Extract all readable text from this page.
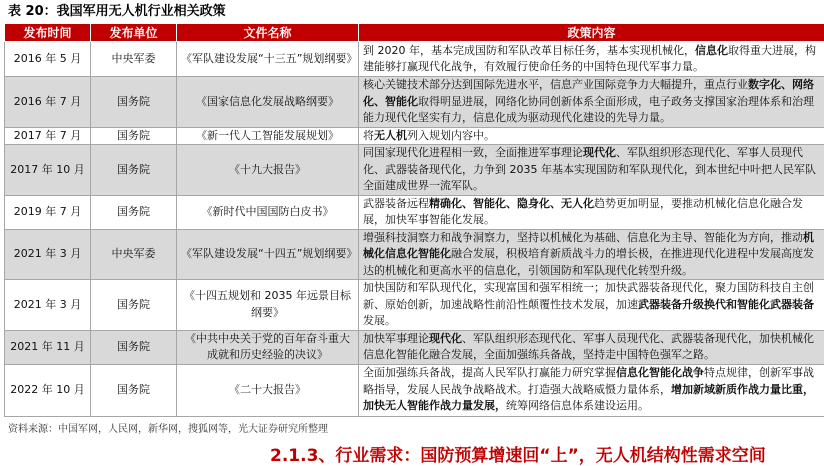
表 20：我国军用无人机行业相关政策
发布时间	发布单位	文件名称	政策内容
2016 年 5 月	中央军委	《军队建设发展“十三五”规划纲要》	到 2020 年，基本完成国防和军队改革目标任务，基本实现机械化，信息化取得重大进展，构建能够打赢现代化战争，有效履行使命任务的中国特色现代军事力量。
2016 年 7 月	国务院	《国家信息化发展战略纲要》	核心关键技术部分达到国际先进水平，信息产业国际竞争力大幅提升，重点行业数字化、网络化、智能化取得明显进展，网络化协同创新体系全面形成，电子政务支撑国家治理体系和治理能力现代化坚实有力，信息化成为驱动现代化建设的先导力量。
2017 年 7 月	国务院	《新一代人工智能发展规划》	将无人机列入规划内容中。
2017 年 10 月	国务院	《十九大报告》	同国家现代化进程相一致，全面推进军事理论现代化、军队组织形态现代化、军事人员现代化、武器装备现代化，力争到 2035 年基本实现国防和军队现代化，到本世纪中叶把人民军队全面建成世界一流军队。
2019 年 7 月	国务院	《新时代中国国防白皮书》	武器装备远程精确化、智能化、隐身化、无人化趋势更加明显，要推动机械化信息化融合发展，加快军事智能化发展。
2021 年 3 月	中央军委	《军队建设发展“十四五”规划纲要》	增强科技洞察力和战争洞察力，坚持以机械化为基础、信息化为主导、智能化为方向，推动机械化信息化智能化融合发展，积极培育新质战斗力的增长极，在推进现代化进程中发展高度发达的机械化和更高水平的信息化，引领国防和军队现代化转型升级。
2021 年 3 月	国务院	《十四五规划和 2035 年远景目标纲要》	加快国防和军队现代化，实现富国和强军相统一；加快武器装备现代化，聚力国防科技自主创新、原始创新，加速战略性前沿性颠覆性技术发展，加速武器装备升级换代和智能化武器装备发展。
2021 年 11 月	国务院	《中共中央关于党的百年奋斗重大成就和历史经验的决议》	加快军事理论现代化、军队组织形态现代化、军事人员现代化、武器装备现代化，加快机械化信息化智能化融合发展，全面加强练兵备战，坚持走中国特色强军之路。
2022 年 10 月	国务院	《二十大报告》	全面加强练兵备战，提高人民军队打赢能力研究掌握信息化智能化战争特点规律，创新军事战略指导，发展人民战争战略战术。打造强大战略威慑力量体系，增加新域新质作战力量比重，加快无人智能作战力量发展，统筹网络信息体系建设运用。
资料来源：中国军网，人民网，新华网，搜狐网等，光大证券研究所整理
2.1.3、行业需求：国防预算增速回“上”，无人机结构性需求空间
